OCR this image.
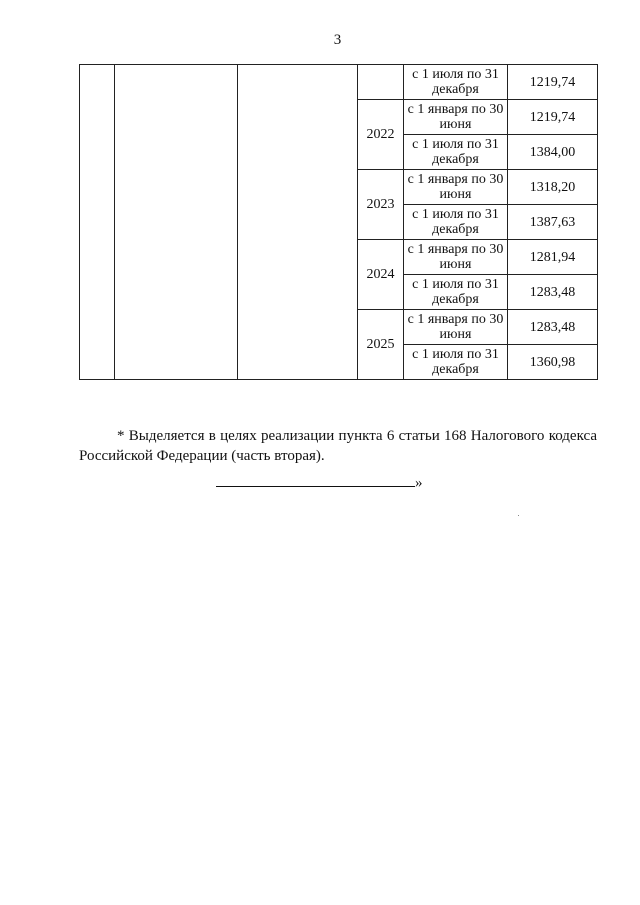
3
				с 1 июля по 31 декабря	1219,74
			2022	с 1 января по 30 июня	1219,74
				с 1 июля по 31 декабря	1384,00
			2023	с 1 января по 30 июня	1318,20
				с 1 июля по 31 декабря	1387,63
			2024	с 1 января по 30 июня	1281,94
				с 1 июля по 31 декабря	1283,48
			2025	с 1 января по 30 июня	1283,48
				с 1 июля по 31 декабря	1360,98

* Выделяется в целях реализации пункта 6 статьи 168 Налогового кодекса Российской Федерации (часть вторая).

»
